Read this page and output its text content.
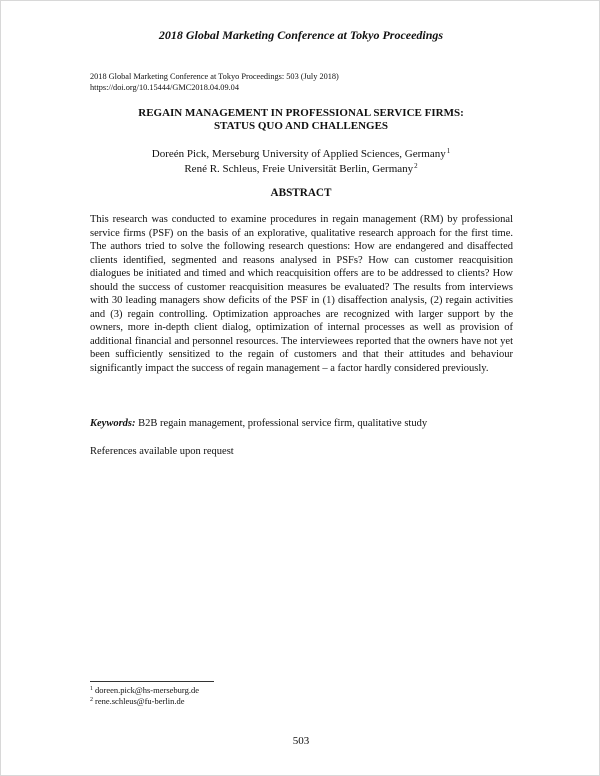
2018 Global Marketing Conference at Tokyo Proceedings
2018 Global Marketing Conference at Tokyo Proceedings: 503 (July 2018)
https://doi.org/10.15444/GMC2018.04.09.04
REGAIN MANAGEMENT IN PROFESSIONAL SERVICE FIRMS:
STATUS QUO AND CHALLENGES
Doreén Pick, Merseburg University of Applied Sciences, Germany$^1$
René R. Schleus, Freie Universität Berlin, Germany$^2$
ABSTRACT

This research was conducted to examine procedures in regain management (RM) by professional service firms (PSF) on the basis of an explorative, qualitative research approach for the first time. The authors tried to solve the following research questions: How are endangered and disaffected clients identified, segmented and reasons analysed in PSFs? How can customer reacquisition dialogues be initiated and timed and which reacquisition offers are to be addressed to clients? How should the success of customer reacquisition measures be evaluated? The results from interviews with 30 leading managers show deficits of the PSF in (1) disaffection analysis, (2) regain activities and (3) regain controlling. Optimization approaches are recognized with larger support by the owners, more in-depth client dialog, optimization of internal processes as well as provision of additional financial and personnel resources. The interviewees reported that the owners have not yet been sufficiently sensitized to the regain of customers and that their attitudes and behaviour significantly impact the success of regain management – a factor hardly considered previously.

Keywords: B2B regain management, professional service firm, qualitative study

References available upon request

$^1$ doreen.pick@hs-merseburg.de
$^2$ rene.schleus@fu-berlin.de
503
